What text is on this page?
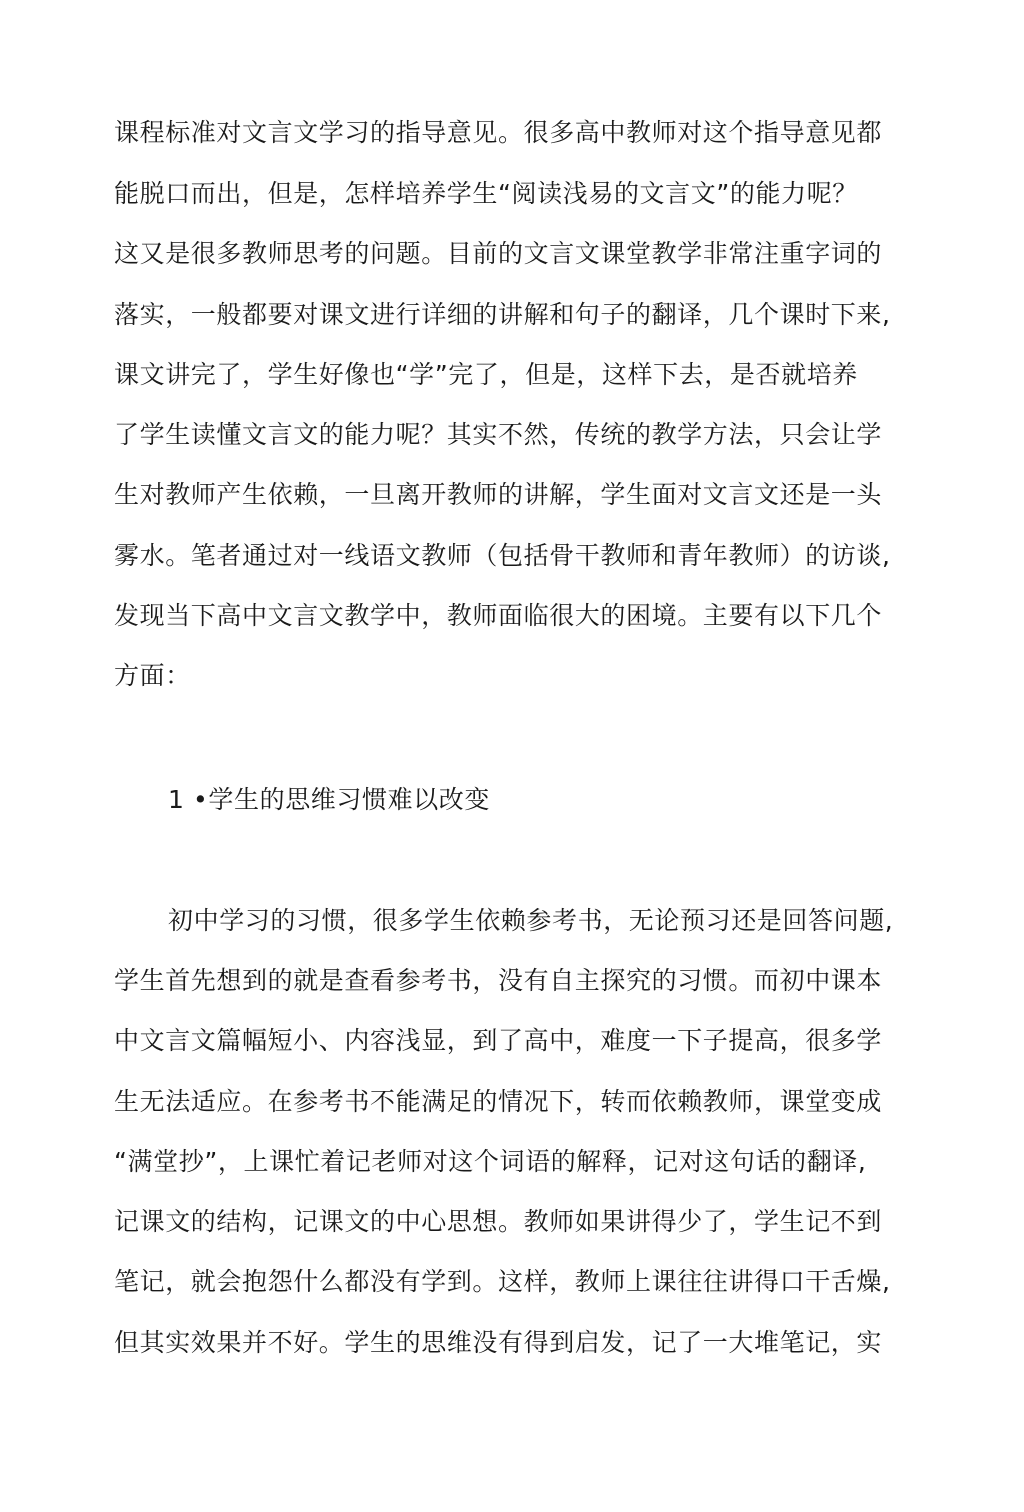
课程标准对文言文学习的指导意见。很多高中教师对这个指导意见都
能脱口而出，但是，怎样培养学生“阅读浅易的文言文”的能力呢？
这又是很多教师思考的问题。目前的文言文课堂教学非常注重字词的
落实，一般都要对课文进行详细的讲解和句子的翻译，几个课时下来,
课文讲完了，学生好像也“学”完了，但是，这样下去，是否就培养
了学生读懂文言文的能力呢？其实不然，传统的教学方法，只会让学
生对教师产生依赖，一旦离开教师的讲解，学生面对文言文还是一头
雾水。笔者通过对一线语文教师（包括骨干教师和青年教师）的访谈,
发现当下高中文言文教学中，教师面临很大的困境。主要有以下几个
方面：
1 •学生的思维习惯难以改变
初中学习的习惯，很多学生依赖参考书，无论预习还是回答问题,
学生首先想到的就是查看参考书，没有自主探究的习惯。而初中课本
中文言文篇幅短小、内容浅显，到了高中，难度一下子提高，很多学
生无法适应。在参考书不能满足的情况下，转而依赖教师，课堂变成
“满堂抄”，上课忙着记老师对这个词语的解释，记对这句话的翻译,
记课文的结构，记课文的中心思想。教师如果讲得少了，学生记不到
笔记，就会抱怨什么都没有学到。这样，教师上课往往讲得口干舌燥,
但其实效果并不好。学生的思维没有得到启发，记了一大堆笔记，实
